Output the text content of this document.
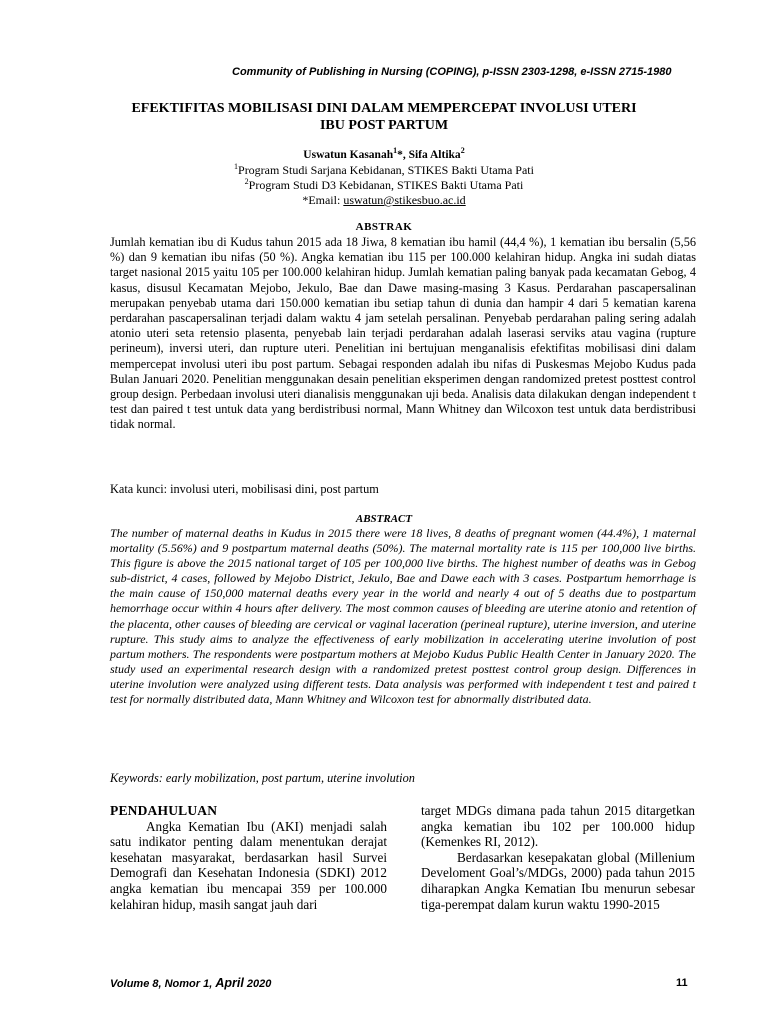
Community of Publishing in Nursing (COPING), p-ISSN 2303-1298, e-ISSN 2715-1980
EFEKTIFITAS MOBILISASI DINI DALAM MEMPERCEPAT INVOLUSI UTERI
IBU POST PARTUM
Uswatun Kasanah$^1$*, Sifa Altika$^2$
$^1$Program Studi Sarjana Kebidanan, STIKES Bakti Utama Pati
$^2$Program Studi D3 Kebidanan, STIKES Bakti Utama Pati
*Email: uswatun@stikesbuo.ac.id
ABSTRAK

Jumlah kematian ibu di Kudus tahun 2015 ada 18 Jiwa, 8 kematian ibu hamil (44,4 %), 1 kematian ibu bersalin (5,56 %) dan 9 kematian ibu nifas (50 %). Angka kematian ibu 115 per 100.000 kelahiran hidup. Angka ini sudah diatas target nasional 2015 yaitu 105 per 100.000 kelahiran hidup. Jumlah kematian paling banyak pada kecamatan Gebog, 4 kasus, disusul Kecamatan Mejobo, Jekulo, Bae dan Dawe masing-masing 3 Kasus. Perdarahan pascapersalinan merupakan penyebab utama dari 150.000 kematian ibu setiap tahun di dunia dan hampir 4 dari 5 kematian karena perdarahan pascapersalinan terjadi dalam waktu 4 jam setelah persalinan. Penyebab perdarahan paling sering adalah atonio uteri seta retensio plasenta, penyebab lain terjadi perdarahan adalah laserasi serviks atau vagina (rupture perineum), inversi uteri, dan rupture uteri. Penelitian ini bertujuan menganalisis efektifitas mobilisasi dini dalam mempercepat involusi uteri ibu post partum. Sebagai responden adalah ibu nifas di Puskesmas Mejobo Kudus pada Bulan Januari 2020. Penelitian menggunakan desain penelitian eksperimen dengan randomized pretest posttest control group design. Perbedaan involusi uteri dianalisis menggunakan uji beda. Analisis data dilakukan dengan independent t test dan paired t test untuk data yang berdistribusi normal, Mann Whitney dan Wilcoxon test untuk data berdistribusi tidak normal.

Kata kunci: involusi uteri, mobilisasi dini, post partum

ABSTRACT

The number of maternal deaths in Kudus in 2015 there were 18 lives, 8 deaths of pregnant women (44.4%), 1 maternal mortality (5.56%) and 9 postpartum maternal deaths (50%). The maternal mortality rate is 115 per 100,000 live births. This figure is above the 2015 national target of 105 per 100,000 live births. The highest number of deaths was in Gebog sub-district, 4 cases, followed by Mejobo District, Jekulo, Bae and Dawe each with 3 cases. Postpartum hemorrhage is the main cause of 150,000 maternal deaths every year in the world and nearly 4 out of 5 deaths due to postpartum hemorrhage occur within 4 hours after delivery. The most common causes of bleeding are uterine atonio and retention of the placenta, other causes of bleeding are cervical or vaginal laceration (perineal rupture), uterine inversion, and uterine rupture. This study aims to analyze the effectiveness of early mobilization in accelerating uterine involution of post partum mothers. The respondents were postpartum mothers at Mejobo Kudus Public Health Center in January 2020. The study used an experimental research design with a randomized pretest posttest control group design. Differences in uterine involution were analyzed using different tests. Data analysis was performed with independent t test and paired t test for normally distributed data, Mann Whitney and Wilcoxon test for abnormally distributed data.

Keywords: early mobilization, post partum, uterine involution

PENDAHULUAN

Angka Kematian Ibu (AKI) menjadi salah satu indikator penting dalam menentukan derajat kesehatan masyarakat, berdasarkan hasil Survei Demografi dan Kesehatan Indonesia (SDKI) 2012 angka kematian ibu mencapai 359 per 100.000 kelahiran hidup, masih sangat jauh dari

target MDGs dimana pada tahun 2015 ditargetkan angka kematian ibu 102 per 100.000 hidup (Kemenkes RI, 2012).

Berdasarkan kesepakatan global (Millenium Develoment Goal’s/MDGs, 2000) pada tahun 2015 diharapkan Angka Kematian Ibu menurun sebesar tiga-perempat dalam kurun waktu 1990-2015

Volume 8, Nomor 1, April 2020	11
